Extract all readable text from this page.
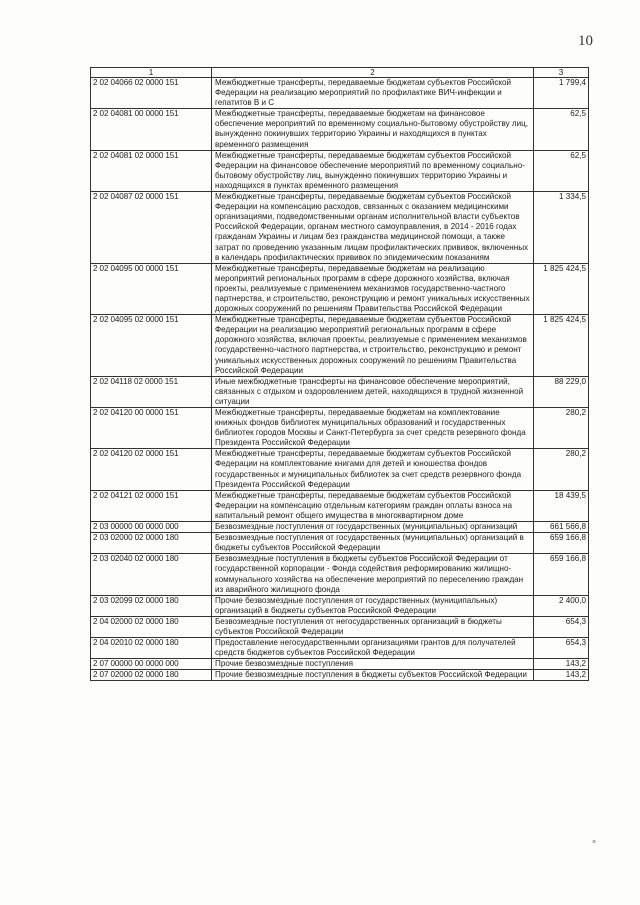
10
1	2	3
2 02 04066 02 0000 151	Межбюджетные трансферты, передаваемые бюджетам субъектов Российской Федерации на реализацию мероприятий по профилактике ВИЧ-инфекции и гепатитов В и С	1 799,4
2 02 04081 00 0000 151	Межбюджетные трансферты, передаваемые бюджетам на финансовое обеспечение мероприятий по временному социально-бытовому обустройству лиц, вынужденно покинувших территорию Украины и находящихся в пунктах временного размещения	62,5
2 02 04081 02 0000 151	Межбюджетные трансферты, передаваемые бюджетам субъектов Российской Федерации на финансовое обеспечение мероприятий по временному социально-бытовому обустройству лиц, вынужденно покинувших территорию Украины и находящихся в пунктах временного размещения	62,5
2 02 04087 02 0000 151	Межбюджетные трансферты, передаваемые бюджетам субъектов Российской Федерации на компенсацию расходов, связанных с оказанием медицинскими организациями, подведомственными органам исполнительной власти субъектов Российской Федерации, органам местного самоуправления, в 2014 - 2016 годах гражданам Украины и лицам без гражданства медицинской помощи, а также затрат по проведению указанным лицам профилактических прививок, включенных в календарь профилактических прививок по эпидемическим показаниям	1 334,5
2 02 04095 00 0000 151	Межбюджетные трансферты, передаваемые бюджетам на реализацию мероприятий региональных программ в сфере дорожного хозяйства, включая проекты, реализуемые с применением механизмов государственно-частного партнерства, и строительство, реконструкцию и ремонт уникальных искусственных дорожных сооружений по решениям Правительства Российской Федерации	1 825 424,5
2 02 04095 02 0000 151	Межбюджетные трансферты, передаваемые бюджетам субъектов Российской Федерации на реализацию мероприятий региональных программ в сфере дорожного хозяйства, включая проекты, реализуемые с применением механизмов государственно-частного партнерства, и строительство, реконструкцию и ремонт уникальных искусственных дорожных сооружений по решениям Правительства Российской Федерации	1 825 424,5
2 02 04118 02 0000 151	Иные межбюджетные трансферты на финансовое обеспечение мероприятий, связанных с отдыхом и оздоровлением детей, находящихся в трудной жизненной ситуации	88 229,0
2 02 04120 00 0000 151	Межбюджетные трансферты, передаваемые бюджетам на комплектование книжных фондов библиотек муниципальных образований и государственных библиотек городов Москвы и Санкт-Петербурга за счет средств резервного фонда Президента Российской Федерации	280,2
2 02 04120 02 0000 151	Межбюджетные трансферты, передаваемые бюджетам субъектов Российской Федерации на комплектование книгами для детей и юношества фондов государственных и муниципальных библиотек за счет средств резервного фонда Президента Российской Федерации	280,2
2 02 04121 02 0000 151	Межбюджетные трансферты, передаваемые бюджетам субъектов Российской Федерации на компенсацию отдельным категориям граждан оплаты взноса на капитальный ремонт общего имущества в многоквартирном доме	18 439,5
2 03 00000 00 0000 000	Безвозмездные поступления от государственных (муниципальных) организаций	661 566,8
2 03 02000 02 0000 180	Безвозмездные поступления от государственных (муниципальных) организаций в бюджеты субъектов Российской Федерации	659 166,8
2 03 02040 02 0000 180	Безвозмездные поступления в бюджеты субъектов Российской Федерации от государственной корпорации - Фонда содействия реформированию жилищно-коммунального хозяйства на обеспечение мероприятий по переселению граждан из аварийного жилищного фонда	659 166,8
2 03 02099 02 0000 180	Прочие безвозмездные поступления от государственных (муниципальных) организаций в бюджеты субъектов Российской Федерации	2 400,0
2 04 02000 02 0000 180	Безвозмездные поступления от негосударственных организаций в бюджеты субъектов Российской Федерации	654,3
2 04 02010 02 0000 180	Предоставление негосударственными организациями грантов для получателей средств бюджетов субъектов Российской Федерации	654,3
2 07 00000 00 0000 000	Прочие безвозмездные поступления	143,2
2 07 02000 02 0000 180	Прочие безвозмездные поступления в бюджеты субъектов Российской Федерации	143,2
×
